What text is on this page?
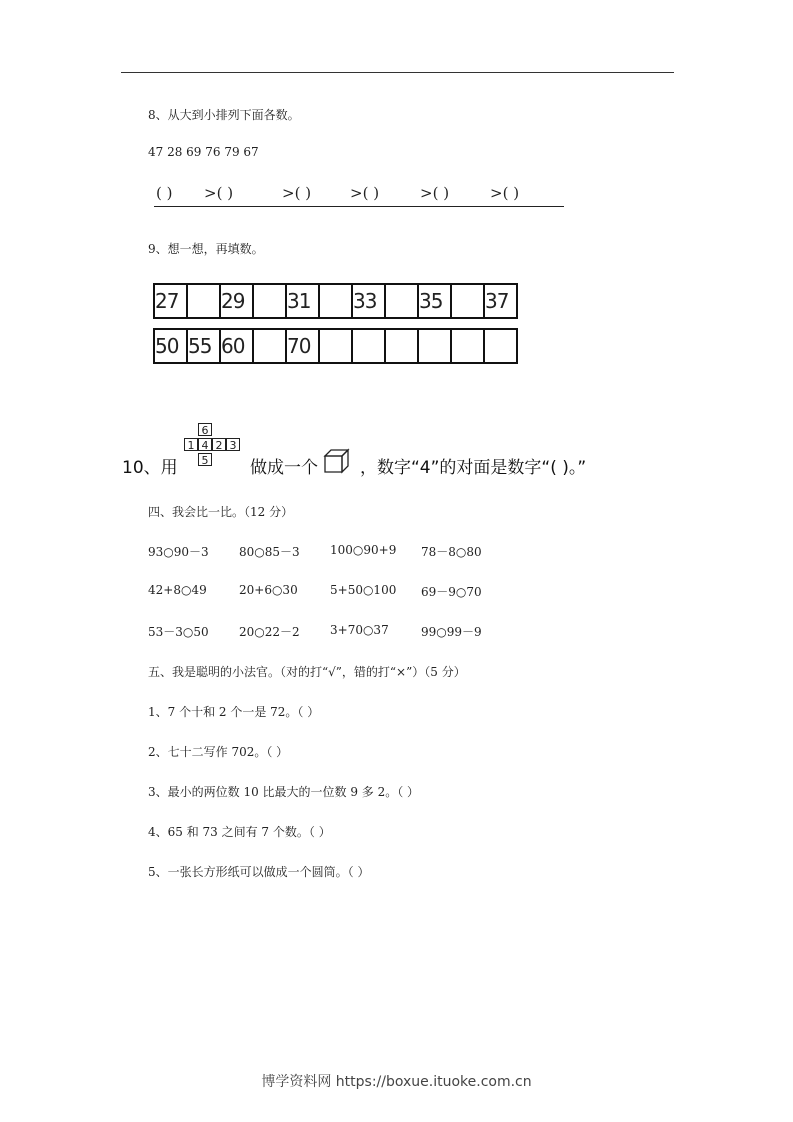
8、从大到小排列下面各数。
47 28 69 76 79 67
( ) >( )	>( )	>( )	>( )	>( )
9、想一想，再填数。
27		29		31		33		35		37
50	55	60		70						
10、用
6
1 4 2 3
5 做成一个 ，数字“4”的对面是数字“( )。”
四、我会比一比。（12 分）
93○90－3	80○85－3	100○90+9 78－8○80
42+8○49	20+6○30	5+50○100 69－9○70
53－3○50	20○22－2	3+70○37	99○99－9
五、我是聪明的小法官。（对的打“√”，错的打“×”）（5 分）
1、7 个十和 2 个一是 72。（ ）
2、七十二写作 702。（ ）
3、最小的两位数 10 比最大的一位数 9 多 2。（ ）
4、65 和 73 之间有 7 个数。（ ）
5、一张长方形纸可以做成一个圆筒。（ ）
博学资料网 https://boxue.ituoke.com.cn
